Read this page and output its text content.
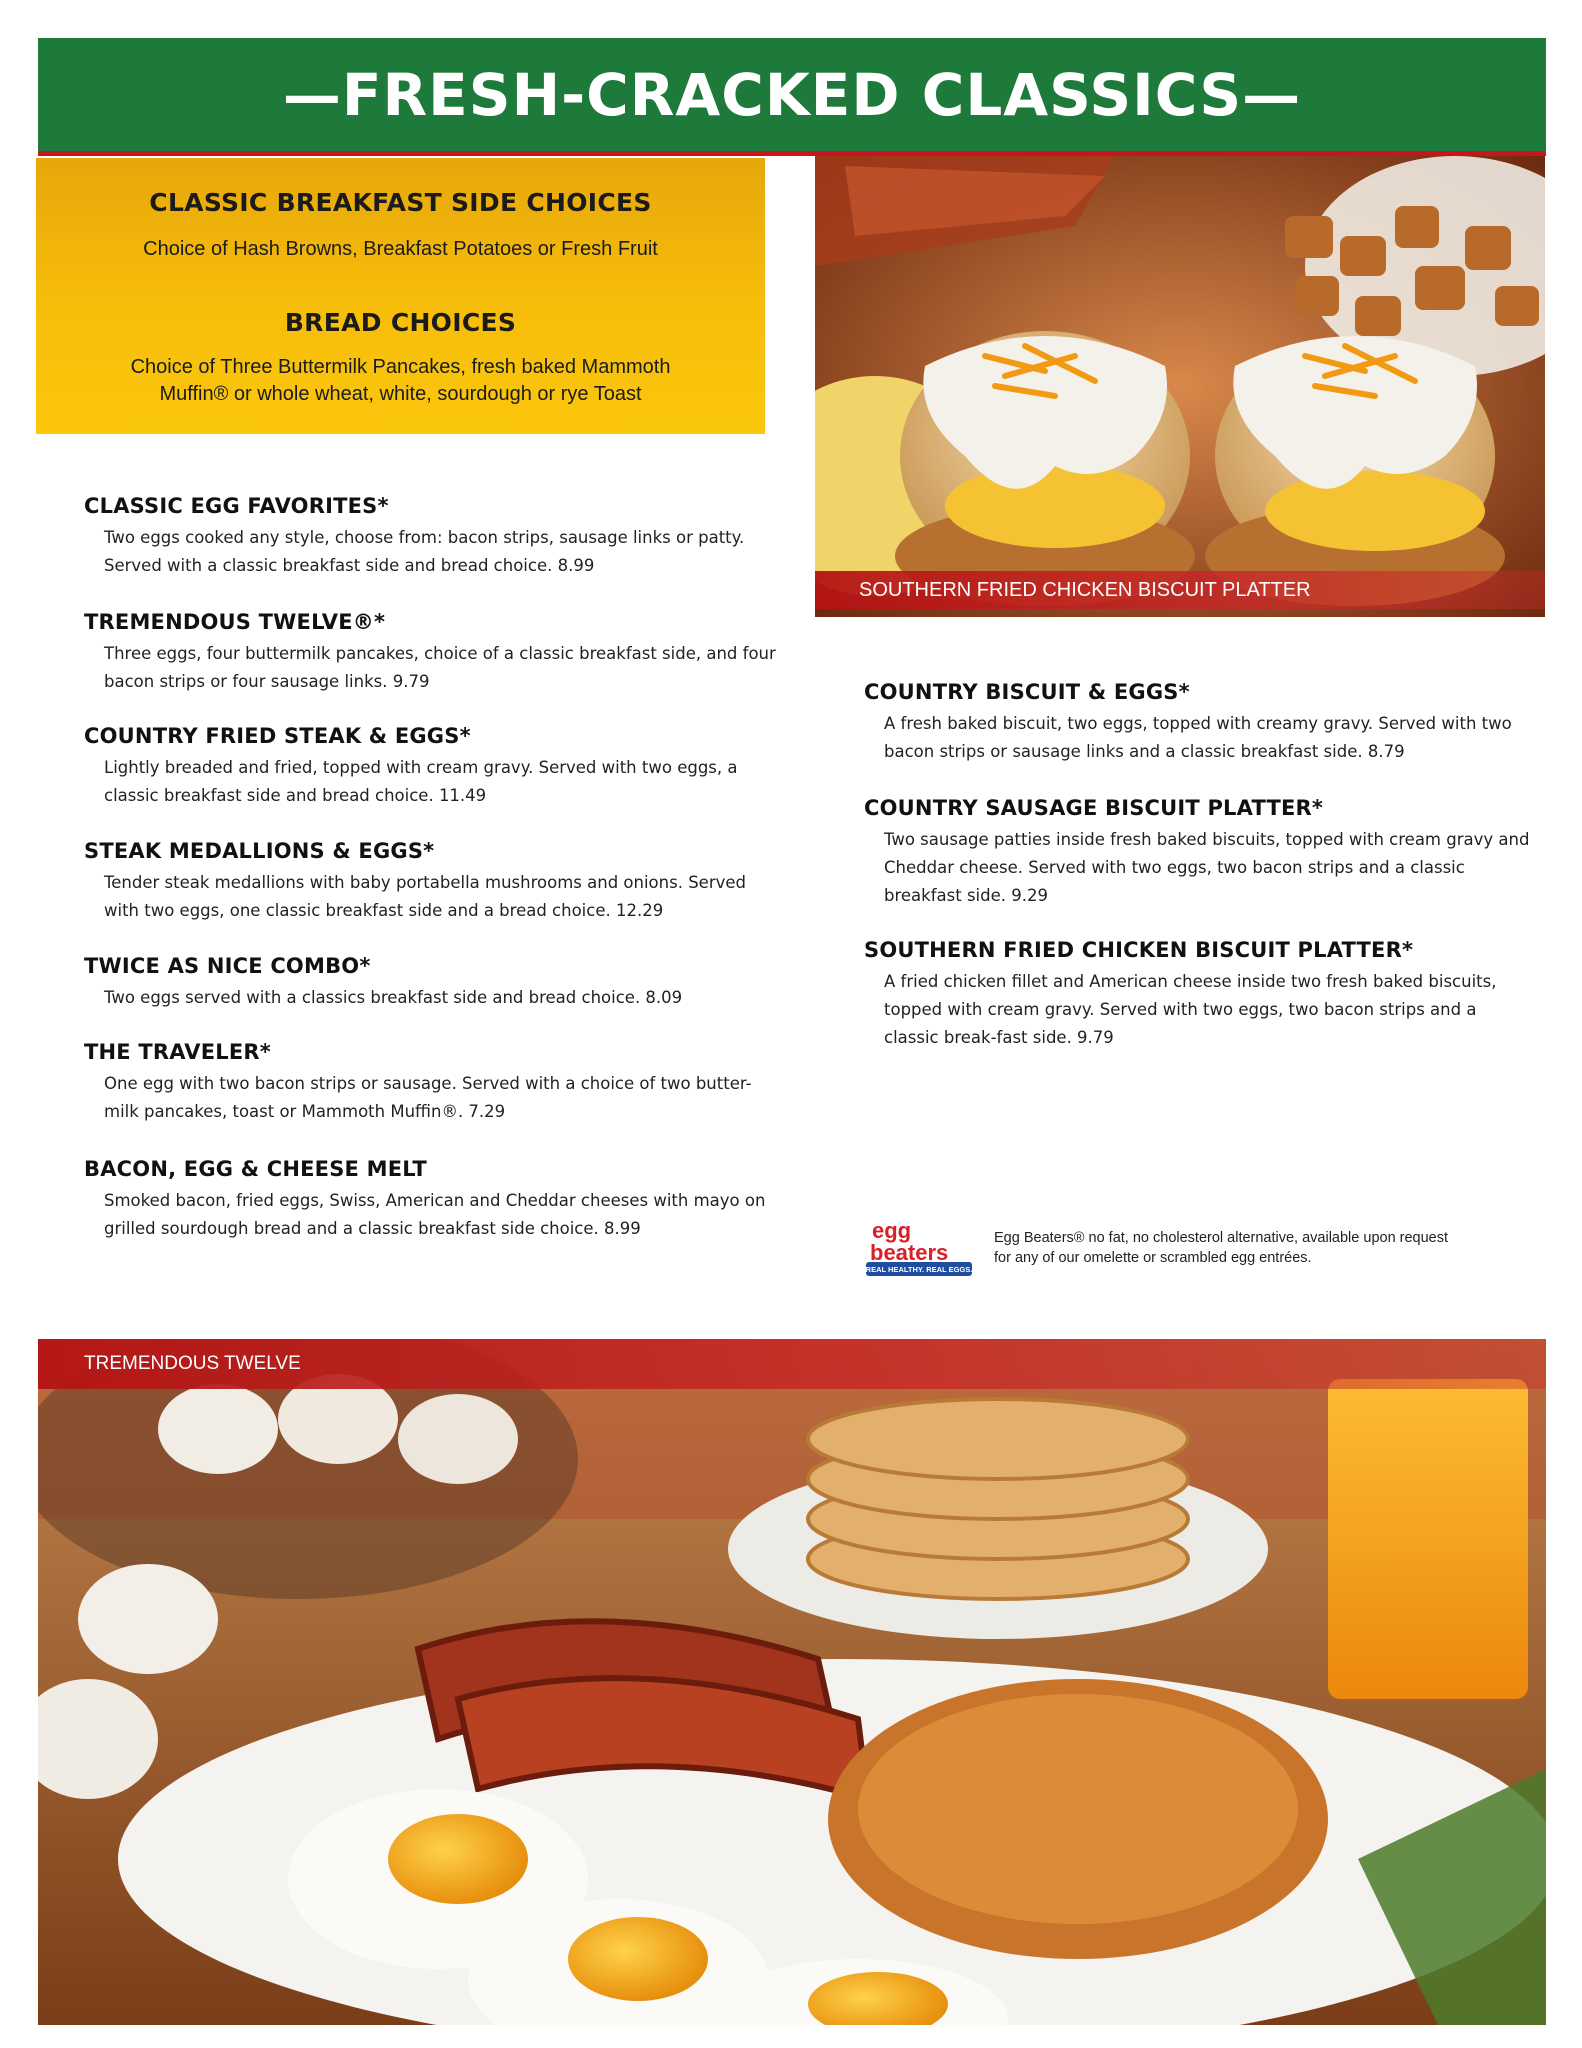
—FRESH-CRACKED CLASSICS—
CLASSIC BREAKFAST SIDE CHOICES

Choice of Hash Browns, Breakfast Potatoes or Fresh Fruit

BREAD CHOICES

Choice of Three Buttermilk Pancakes, fresh baked Mammoth Muffin® or whole wheat, white, sourdough or rye Toast

SOUTHERN FRIED CHICKEN BISCUIT PLATTER
CLASSIC EGG FAVORITES*
Two eggs cooked any style, choose from: bacon strips, sausage links or patty. Served with a classic breakfast side and bread choice. 8.99
TREMENDOUS TWELVE®*
Three eggs, four buttermilk pancakes, choice of a classic breakfast side, and four bacon strips or four sausage links. 9.79
COUNTRY FRIED STEAK & EGGS*
Lightly breaded and fried, topped with cream gravy. Served with two eggs, a classic breakfast side and bread choice. 11.49
STEAK MEDALLIONS & EGGS*
Tender steak medallions with baby portabella mushrooms and onions. Served with two eggs, one classic breakfast side and a bread choice. 12.29
TWICE AS NICE COMBO*
Two eggs served with a classics breakfast side and bread choice. 8.09
THE TRAVELER*
One egg with two bacon strips or sausage. Served with a choice of two butter-milk pancakes, toast or Mammoth Muffin®. 7.29
BACON, EGG & CHEESE MELT
Smoked bacon, fried eggs, Swiss, American and Cheddar cheeses with mayo on grilled sourdough bread and a classic breakfast side choice. 8.99
COUNTRY BISCUIT & EGGS*
A fresh baked biscuit, two eggs, topped with creamy gravy. Served with two bacon strips or sausage links and a classic breakfast side. 8.79
COUNTRY SAUSAGE BISCUIT PLATTER*
Two sausage patties inside fresh baked biscuits, topped with cream gravy and Cheddar cheese. Served with two eggs, two bacon strips and a classic breakfast side. 9.29
SOUTHERN FRIED CHICKEN BISCUIT PLATTER*
A fried chicken fillet and American cheese inside two fresh baked biscuits, topped with cream gravy. Served with two eggs, two bacon strips and a classic break-fast side. 9.79
REAL HEALTHY. REAL EGGS.
egg
beaters
Egg Beaters® no fat, no cholesterol alternative, available upon request for any of our omelette or scrambled egg entrées.
TREMENDOUS TWELVE
